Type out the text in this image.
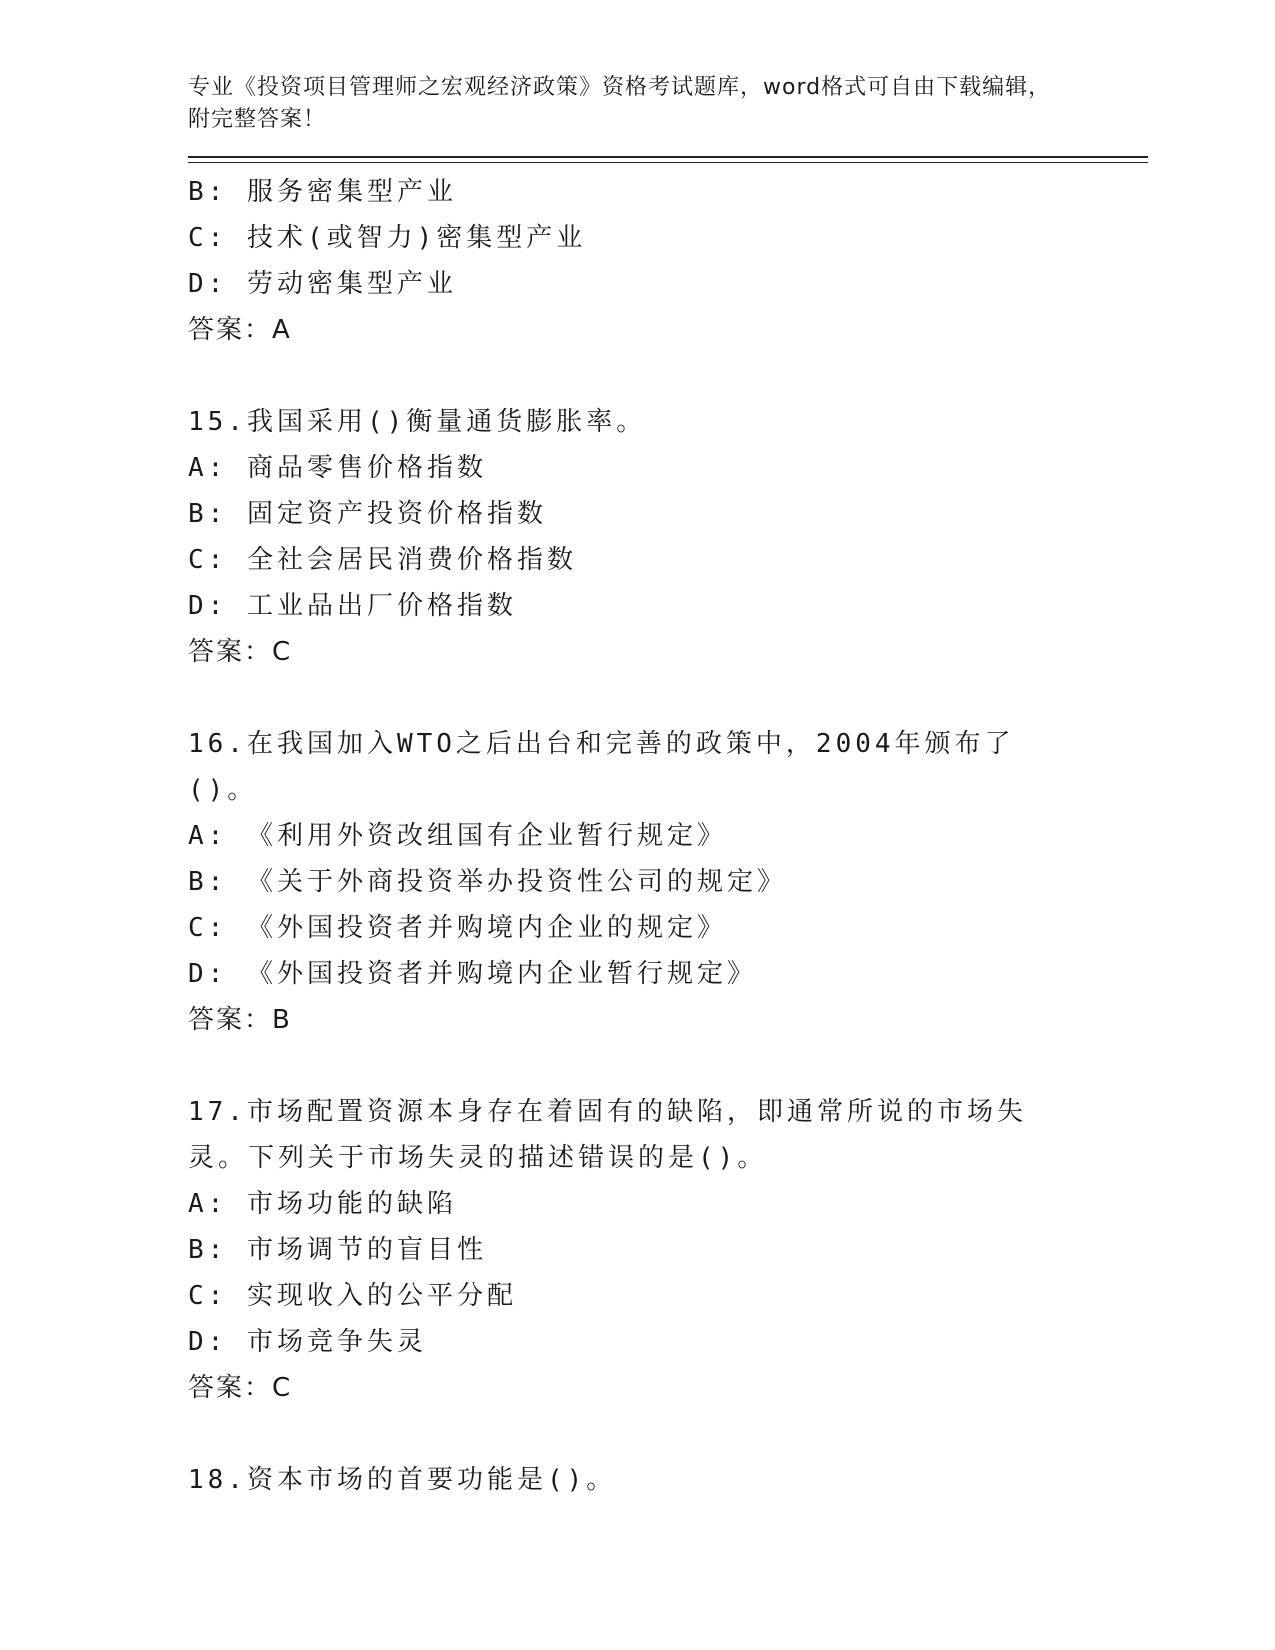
专业《投资项目管理师之宏观经济政策》资格考试题库，word格式可自由下载编辑，附完整答案！
B: 服务密集型产业
C: 技术(或智力)密集型产业
D: 劳动密集型产业
答案：A
15.我国采用()衡量通货膨胀率。
A: 商品零售价格指数
B: 固定资产投资价格指数
C: 全社会居民消费价格指数
D: 工业品出厂价格指数
答案：C
16.在我国加入WTO之后出台和完善的政策中，2004年颁布了()。
A: 《利用外资改组国有企业暂行规定》
B: 《关于外商投资举办投资性公司的规定》
C: 《外国投资者并购境内企业的规定》
D: 《外国投资者并购境内企业暂行规定》
答案：B
17.市场配置资源本身存在着固有的缺陷，即通常所说的市场失灵。下列关于市场失灵的描述错误的是()。
A: 市场功能的缺陷
B: 市场调节的盲目性
C: 实现收入的公平分配
D: 市场竞争失灵
答案：C
18.资本市场的首要功能是()。
